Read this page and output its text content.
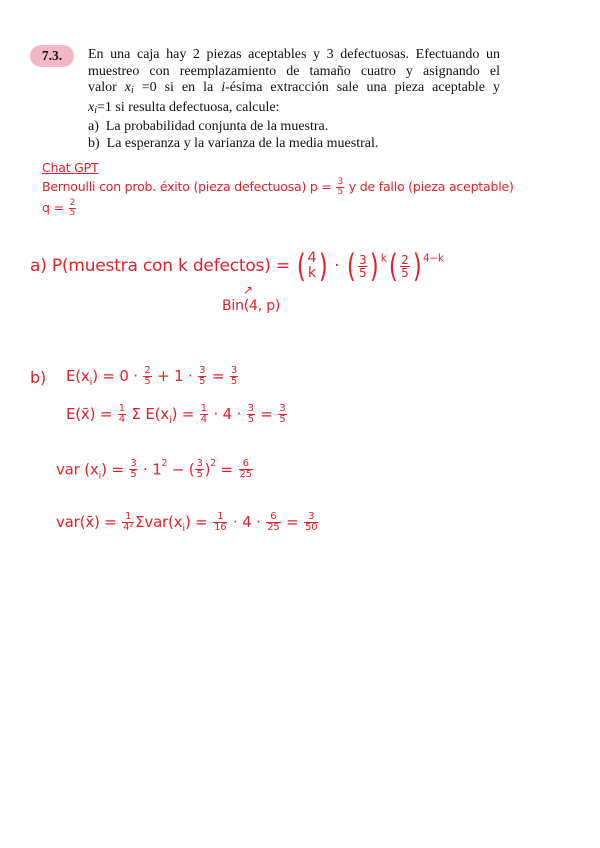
7.3.	En una caja hay 2 piezas aceptables y 3 defectuosas. Efectuando un
muestreo con reemplazamiento de tamaño cuatro y asignando el
valor $x_i =0$ si en la i-ésima extracción sale una pieza aceptable y
$x_i=1$ si resulta defectuosa, calcule:
a)  La probabilidad conjunta de la muestra.
b)  La esperanza y la varianza de la media muestral.
Chat GPT
Bernoulli con prob. éxito (pieza defectuosa) $p = \frac{3}{5}$ y de fallo (pieza aceptable)
$q = \frac{2}{5}$
a) P(muestra con k defectos) = ( 4
k ) · ( $\frac{3}{5}$ ) $^k( \frac{2}{5}$ ) $^{4-k}$
↗
Bin(4, p)
b) $E(x_i) = 0 \cdot \frac{2}{5} + 1 \cdot \frac{3}{5} = \frac{3}{5}$
E(x̄) = $\frac{1}{4}$ Σ $E(x_i) = \frac{1}{4} \cdot 4 \cdot \frac{3}{5} = \frac{3}{5}$
var $(x_i) = \frac{3}{5} \cdot 1^2$ − ( $\frac{3}{5} )^2 = \frac{6}{25}$
var(x̄) = $\frac{1}{\text{4²}} \Sigma var(x_i) = \frac{1}{16} \cdot 4 \cdot \frac{6}{25} = \frac{3}{50}$
